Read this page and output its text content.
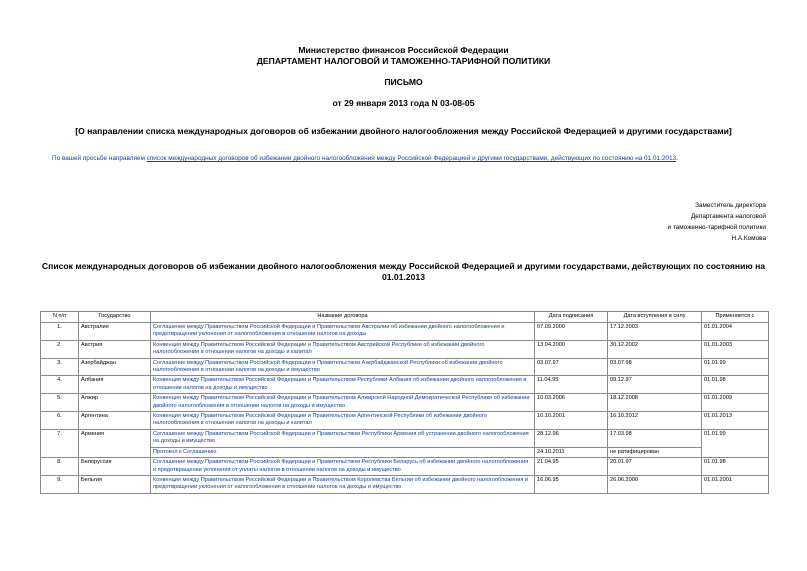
Министерство финансов Российской Федерации
ДЕПАРТАМЕНТ НАЛОГОВОЙ И ТАМОЖЕННО-ТАРИФНОЙ ПОЛИТИКИ
ПИСЬМО
от 29 января 2013 года N 03-08-05
[О направлении списка международных договоров об избежании двойного налогообложения между Российской Федерацией и другими государствами]
По вашей просьбе направляем список международных договоров об избежании двойного налогообложения между Российской Федерацией и другими государствами, действующих по состоянию на 01.01.2013.
Заместитель директора
Департамента налоговой
и таможенно-тарифной политики
Н.А.Комова
Список международных договоров об избежании двойного налогообложения между Российской Федерацией и другими государствами, действующих по состоянию на 01.01.2013
N п/п	Государство	Название договора	Дата подписания	Дата вступления в силу	Применяется с
1.	Австралия	Соглашение между Правительством Российской Федерации и Правительством Австралии об избежании двойного налогообложения и предотвращении уклонения от налогообложения в отношении налогов на доходы	07.09.2000	17.12.2003	01.01.2004
2.	Австрия	Конвенция между Правительством Российской Федерации и Правительством Австрийской Республики об избежании двойного налогообложения в отношении налогов на доходы и капитал	13.04.2000	30.12.2002	01.01.2003
3.	Азербайджан	Соглашение между Правительством Российской Федерации и Правительством Азербайджанской Республики об избежании двойного налогообложения в отношении налогов на доходы и имущество	03.07.97	03.07.98	01.01.99
4.	Албания	Конвенция между Правительством Российской Федерации и Правительством Республики Албания об избежании двойного налогообложения в отношении налогов на доходы и имущество	11.04.95	09.12.97	01.01.98
5.	Алжир	Конвенция между Правительством Российской Федерации и Правительством Алжирской Народной Демократической Республики об избежании двойного налогообложения в отношении налогов на доходы и имущество	10.03.2006	18.12.2008	01.01.2009
6.	Аргентина	Конвенция между Правительством Российской Федерации и Правительством Аргентинской Республики об избежании двойного налогообложения в отношении налогов на доходы и капитал	10.10.2001	16.10.2012	01.01.2013
7.	Армения	Соглашение между Правительством Российской Федерации и Правительством Республики Армения об устранении двойного налогообложения на доходы и имущество	28.12.96	17.03.98	01.01.99
		Протокол к Соглашению	24.10.2011	не ратифицирован	
8.	Белоруссия	Соглашение между Правительством Российской Федерации и Правительством Республики Беларусь об избежании двойного налогообложения и предотвращении уклонения от уплаты налогов в отношении налогов на доходы и имущество	21.04.95	20.01.97	01.01.98
9.	Бельгия	Конвенция между Правительством Российской Федерации и Правительством Королевства Бельгии об избежании двойного налогообложения и предотвращении уклонения от налогообложения в отношении налогов на доходы и имущество	16.06.95	26.06.2000	01.01.2001
